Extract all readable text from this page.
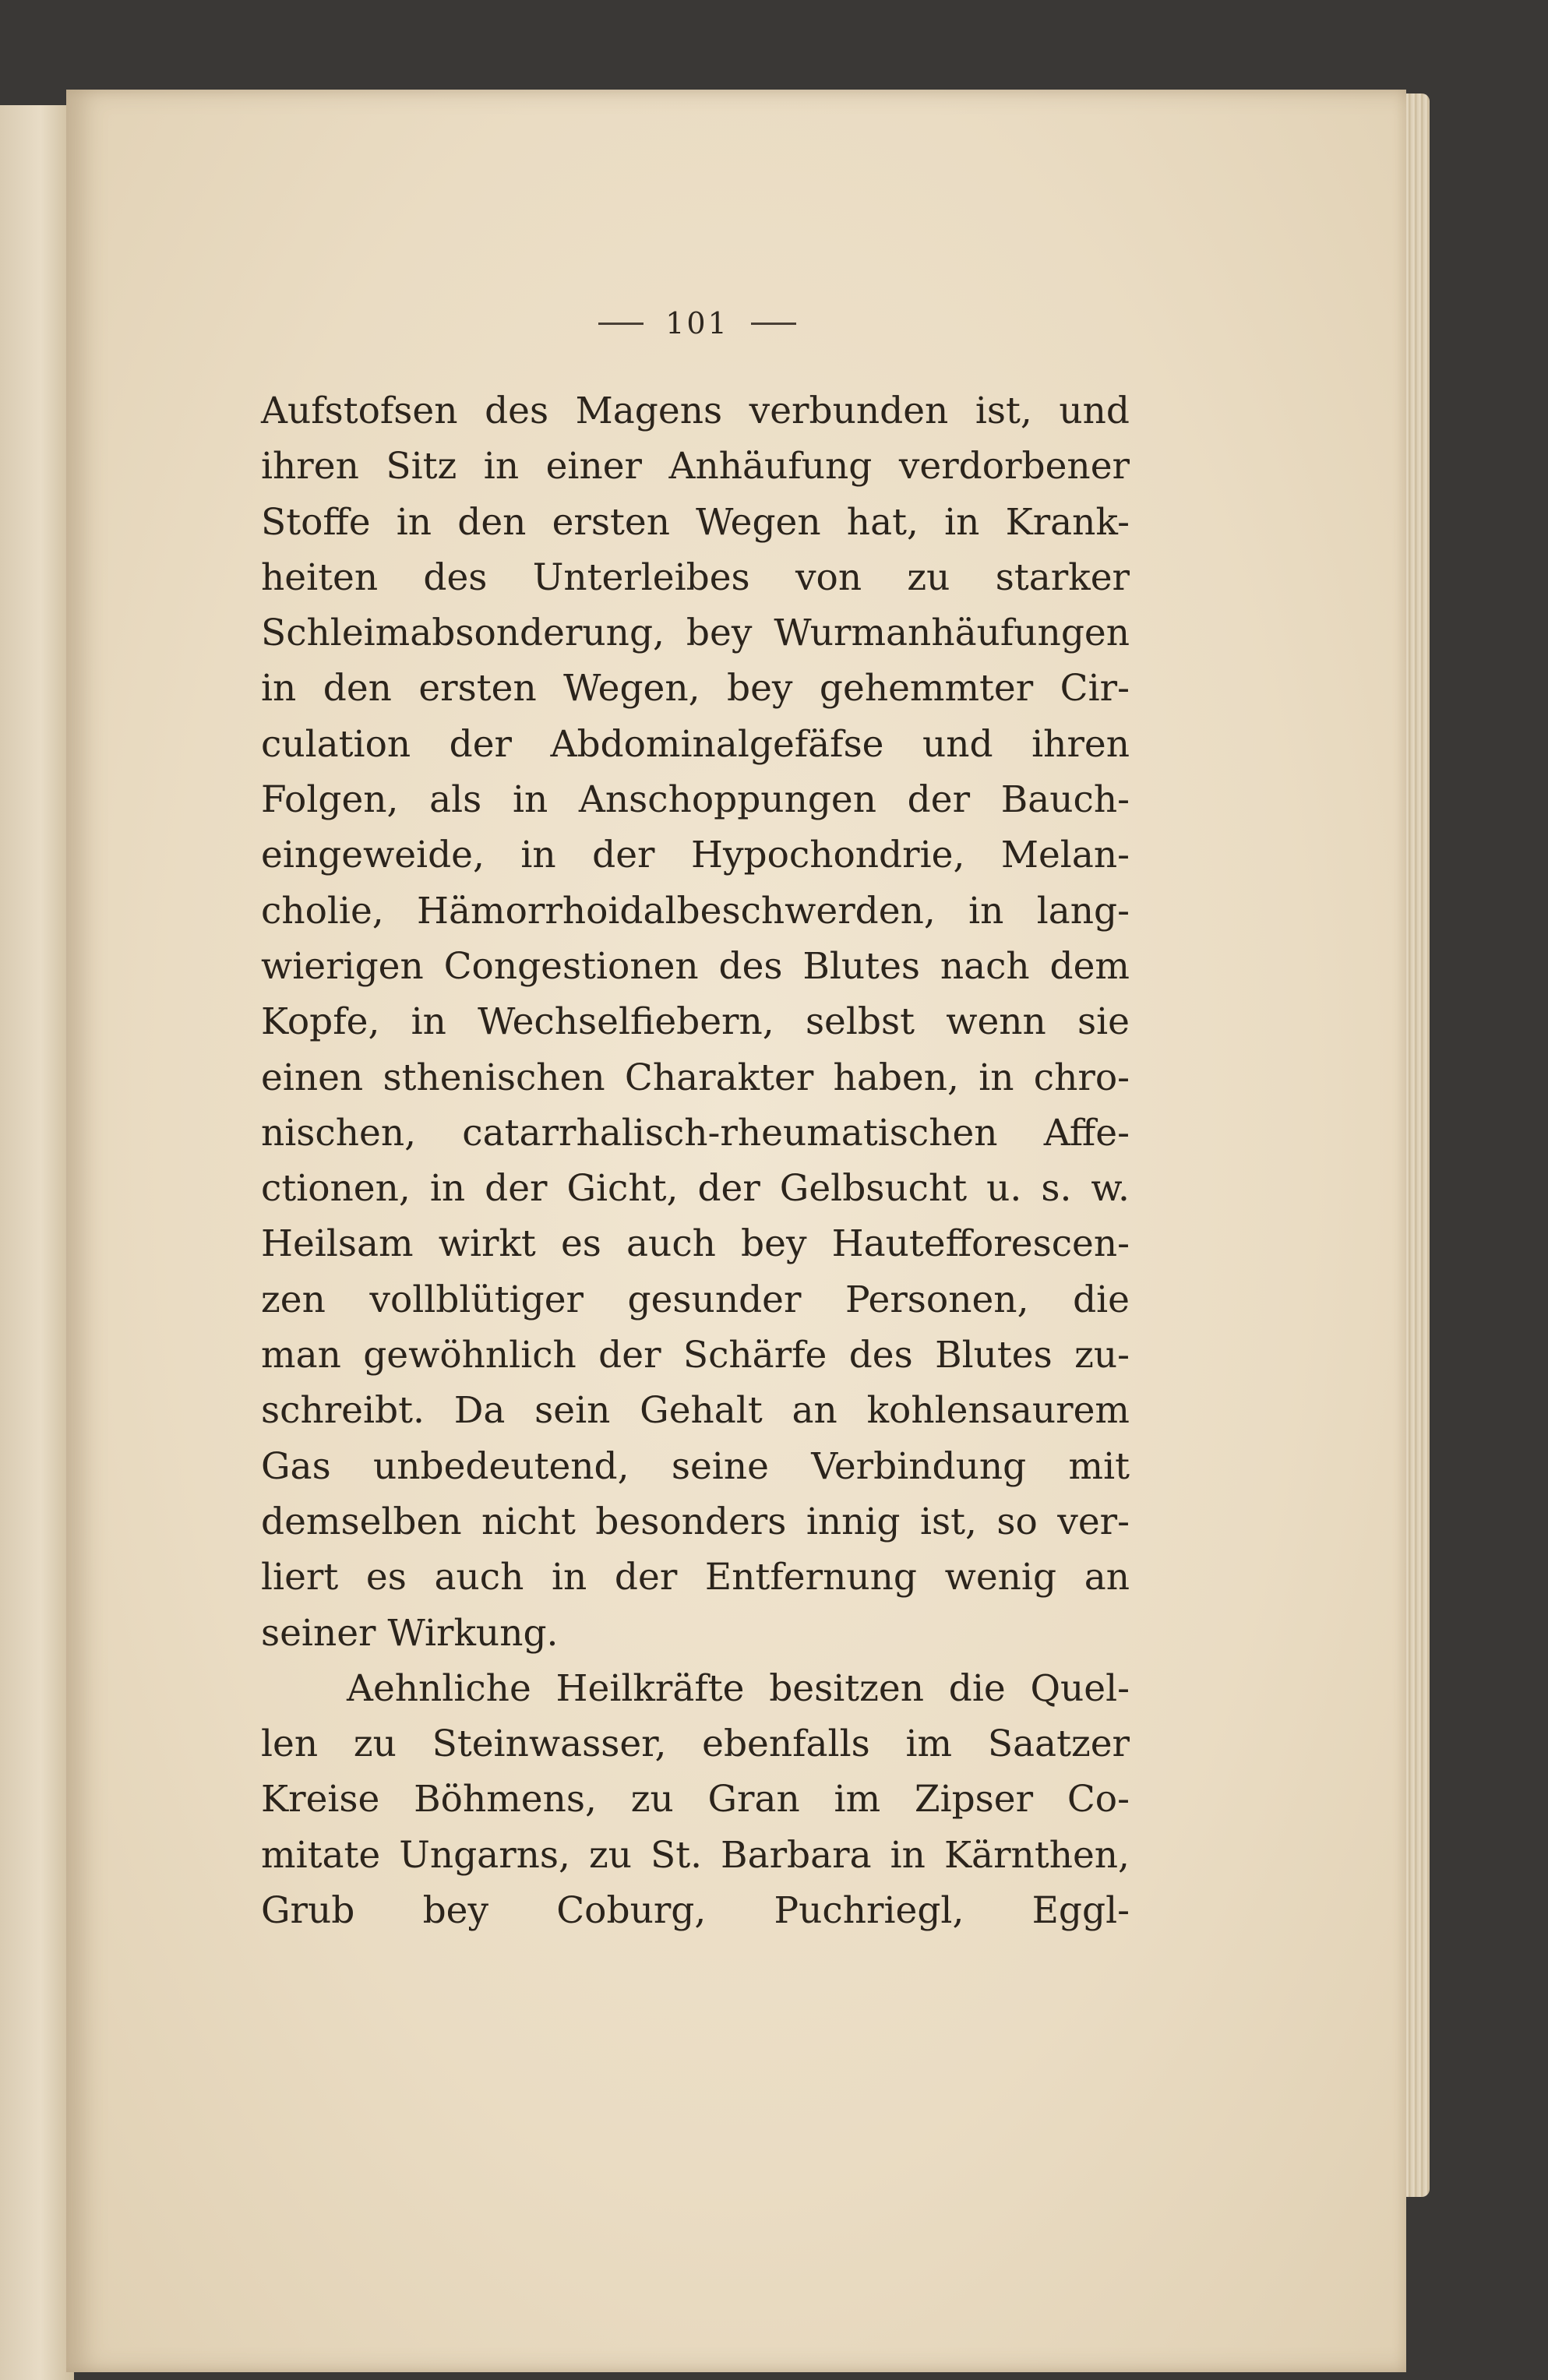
101
Aufstofsen des Magens verbunden ist, und
ihren Sitz in einer Anhäufung verdorbener
Stoffe in den ersten Wegen hat, in Krank-
heiten des Unterleibes von zu starker
Schleimabsonderung, bey Wurmanhäufungen
in den ersten Wegen, bey gehemmter Cir-
culation der Abdominalgefäfse und ihren
Folgen, als in Anschoppungen der Bauch-
eingeweide, in der Hypochondrie, Melan-
cholie, Hämorrhoidalbeschwerden, in lang-
wierigen Congestionen des Blutes nach dem
Kopfe, in Wechselfiebern, selbst wenn sie
einen sthenischen Charakter haben, in chro-
nischen, catarrhalisch-rheumatischen Affe-
ctionen, in der Gicht, der Gelbsucht u. s. w.
Heilsam wirkt es auch bey Hautefforescen-
zen vollblütiger gesunder Personen, die
man gewöhnlich der Schärfe des Blutes zu-
schreibt. Da sein Gehalt an kohlensaurem
Gas unbedeutend, seine Verbindung mit
demselben nicht besonders innig ist, so ver-
liert es auch in der Entfernung wenig an
seiner Wirkung.
Aehnliche Heilkräfte besitzen die Quel-
len zu Steinwasser, ebenfalls im Saatzer
Kreise Böhmens, zu Gran im Zipser Co-
mitate Ungarns, zu St. Barbara in Kärnthen,
Grub bey Coburg, Puchriegl, Eggl-
